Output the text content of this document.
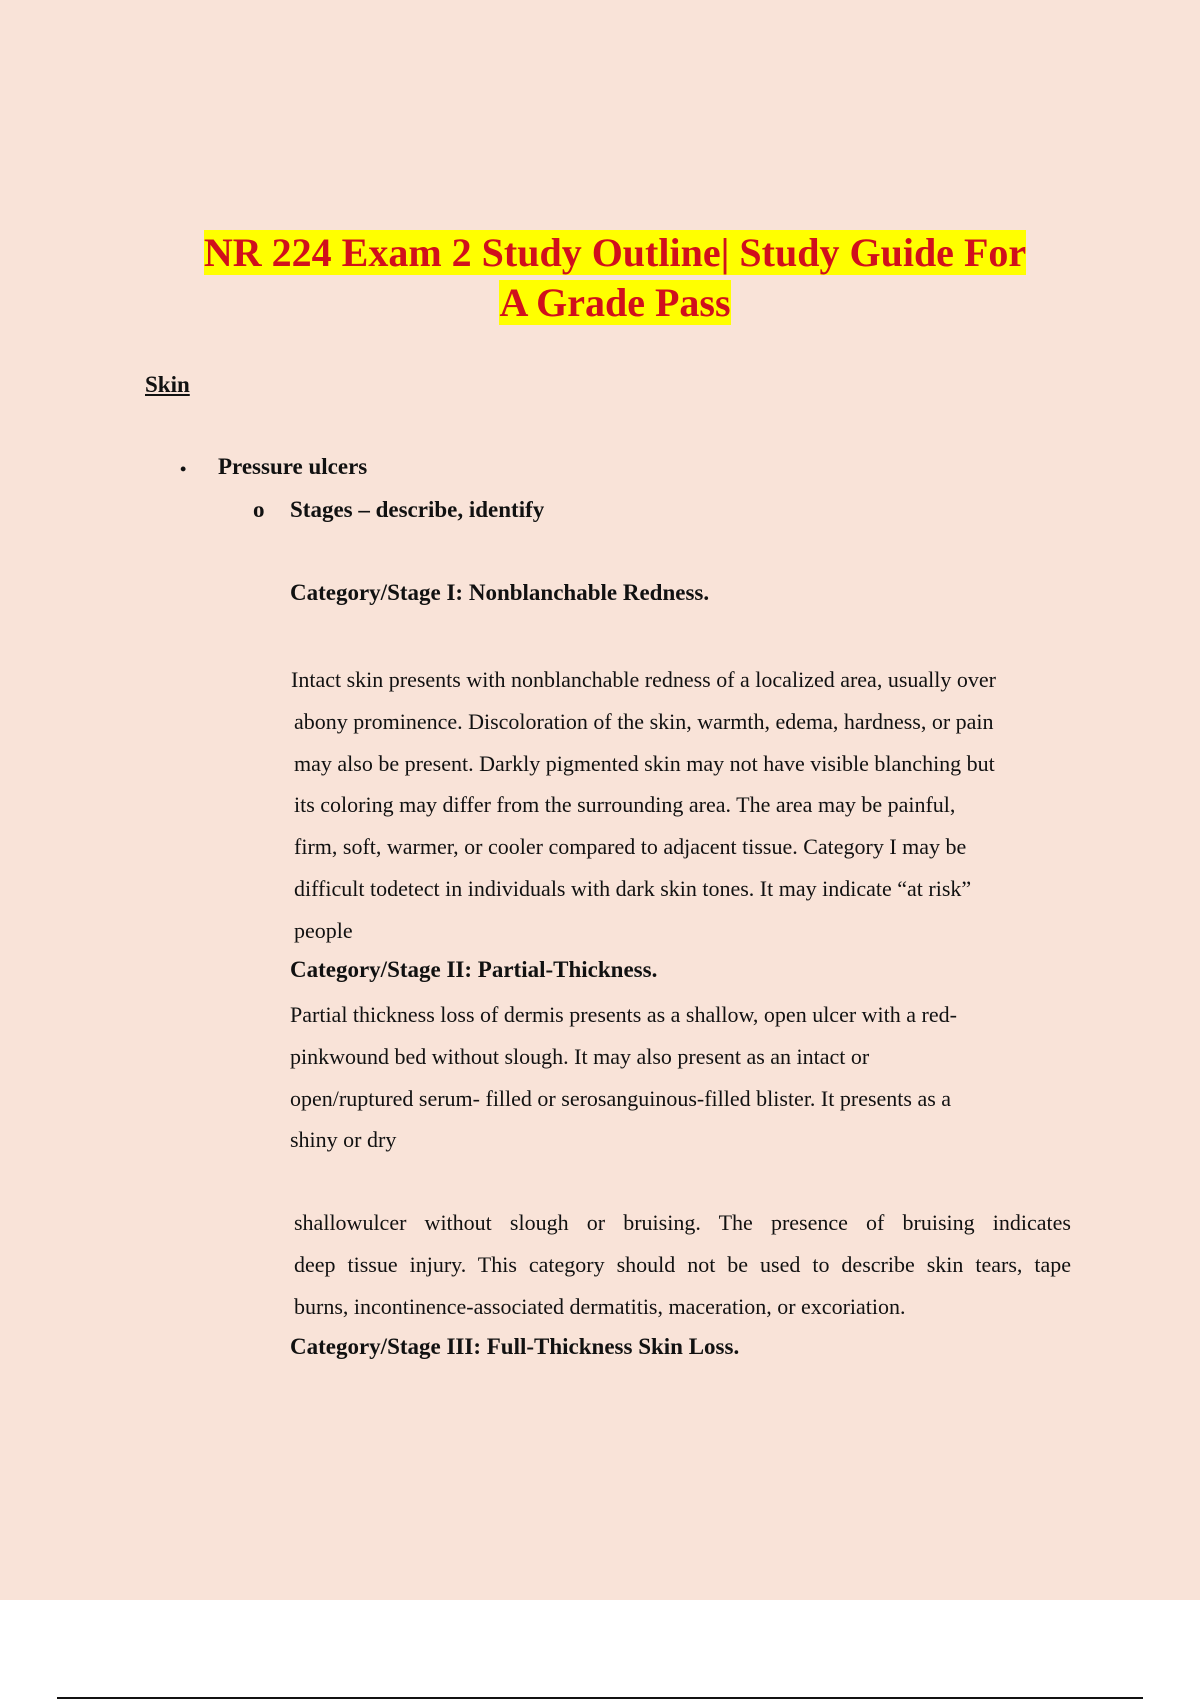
NR 224 Exam 2 Study Outline| Study Guide For
A Grade Pass
Skin
• Pressure ulcers
o Stages – describe, identify
Category/Stage I: Nonblanchable Redness.

Intact skin presents with nonblanchable redness of a localized area, usually over
abony prominence. Discoloration of the skin, warmth, edema, hardness, or pain
may also be present. Darkly pigmented skin may not have visible blanching but
its coloring may differ from the surrounding area. The area may be painful,
firm, soft, warmer, or cooler compared to adjacent tissue. Category I may be
difficult todetect in individuals with dark skin tones. It may indicate “at risk”
people

Category/Stage II: Partial-Thickness.

Partial thickness loss of dermis presents as a shallow, open ulcer with a red-
pinkwound bed without slough. It may also present as an intact or
open/ruptured serum- filled or serosanguinous-filled blister. It presents as a
shiny or dry

shallowulcer without slough or bruising. The presence of bruising indicates
deep tissue injury. This category should not be used to describe skin tears, tape
burns, incontinence-associated dermatitis, maceration, or excoriation.

Category/Stage III: Full-Thickness Skin Loss.
